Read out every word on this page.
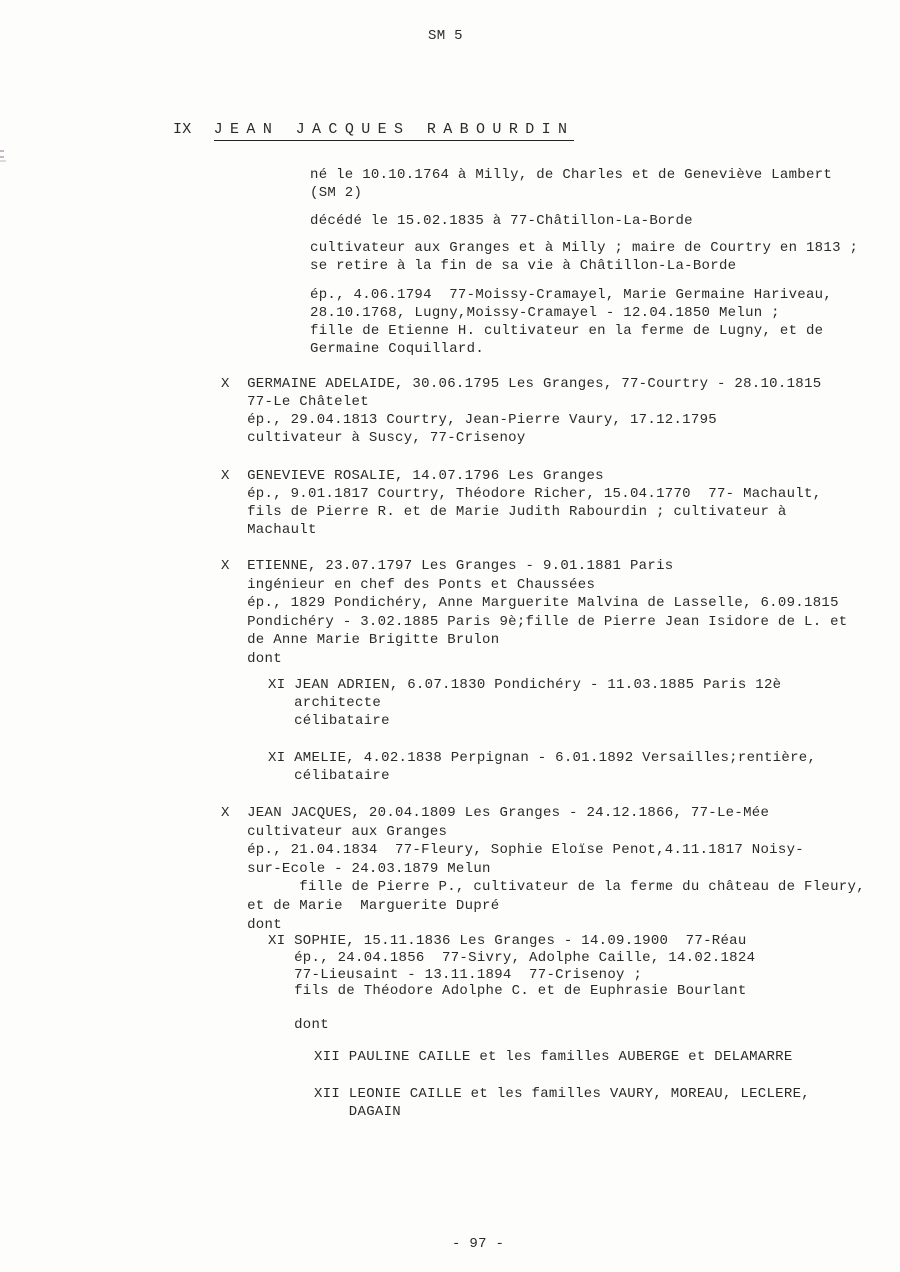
SM 5
IX JEAN JACQUES RABOURDIN
né le 10.10.1764 à Milly, de Charles et de Geneviève Lambert
(SM 2)
décédé le 15.02.1835 à 77-Châtillon-La-Borde
cultivateur aux Granges et à Milly ; maire de Courtry en 1813 ;
se retire à la fin de sa vie à Châtillon-La-Borde
ép., 4.06.1794  77-Moissy-Cramayel, Marie Germaine Hariveau,
28.10.1768, Lugny,Moissy-Cramayel - 12.04.1850 Melun ;
fille de Etienne H. cultivateur en la ferme de Lugny, et de
Germaine Coquillard.
X  GERMAINE ADELAIDE, 30.06.1795 Les Granges, 77-Courtry - 28.10.1815
77-Le Châtelet
ép., 29.04.1813 Courtry, Jean-Pierre Vaury, 17.12.1795
cultivateur à Suscy, 77-Crisenoy
X  GENEVIEVE ROSALIE, 14.07.1796 Les Granges
ép., 9.01.1817 Courtry, Théodore Richer, 15.04.1770  77- Machault,
fils de Pierre R. et de Marie Judith Rabourdin ; cultivateur à
Machault
X  ETIENNE, 23.07.1797 Les Granges - 9.01.1881 Paris
ingénieur en chef des Ponts et Chaussées
ép., 1829 Pondichéry, Anne Marguerite Malvina de Lasselle, 6.09.1815
Pondichéry - 3.02.1885 Paris 9è;fille de Pierre Jean Isidore de L. et
de Anne Marie Brigitte Brulon
dont
XI JEAN ADRIEN, 6.07.1830 Pondichéry - 11.03.1885 Paris 12è
architecte
célibataire
XI AMELIE, 4.02.1838 Perpignan - 6.01.1892 Versailles;rentière,
célibataire
X  JEAN JACQUES, 20.04.1809 Les Granges - 24.12.1866, 77-Le-Mée
cultivateur aux Granges
ép., 21.04.1834  77-Fleury, Sophie Eloïse Penot,4.11.1817 Noisy-
sur-Ecole - 24.03.1879 Melun
fille de Pierre P., cultivateur de la ferme du château de Fleury,
et de Marie  Marguerite Dupré
dont
XI SOPHIE, 15.11.1836 Les Granges - 14.09.1900  77-Réau
ép., 24.04.1856  77-Sivry, Adolphe Caille, 14.02.1824
77-Lieusaint - 13.11.1894  77-Crisenoy ;
fils de Théodore Adolphe C. et de Euphrasie Bourlant
dont
XII PAULINE CAILLE et les familles AUBERGE et DELAMARRE
XII LEONIE CAILLE et les familles VAURY, MOREAU, LECLERE,
DAGAIN
- 97 -
